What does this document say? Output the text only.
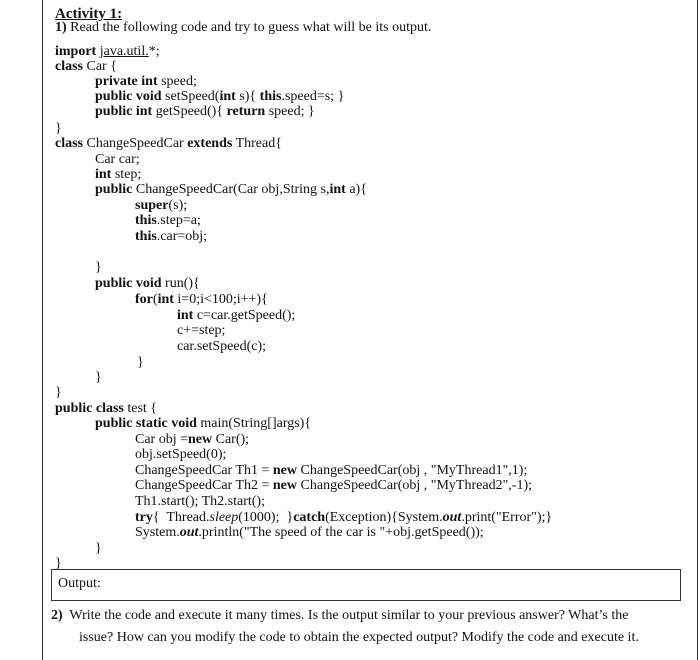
Activity 1:
1) Read the following code and try to guess what will be its output.
import java.util.*;
class Car {
private int speed;
public void setSpeed(int s){ this.speed=s; }
public int getSpeed(){ return speed; }
}
class ChangeSpeedCar extends Thread{
Car car;
int step;
public ChangeSpeedCar(Car obj,String s,int a){
super(s);
this.step=a;
this.car=obj;
}
public void run(){
for(int i=0;i<100;i++){
int c=car.getSpeed();
c+=step;
car.setSpeed(c);
}
}
}
public class test {
public static void main(String[]args){
Car obj =new Car();
obj.setSpeed(0);
ChangeSpeedCar Th1 = new ChangeSpeedCar(obj , "MyThread1",1);
ChangeSpeedCar Th2 = new ChangeSpeedCar(obj , "MyThread2",-1);
Th1.start(); Th2.start();
try{  Thread.sleep(1000);  }catch(Exception){System.out.print("Error");}
System.out.println("The speed of the car is "+obj.getSpeed());
}
}
Output:
2) Write the code and execute it many times. Is the output similar to your previous answer? What’s the
issue? How can you modify the code to obtain the expected output? Modify the code and execute it.
